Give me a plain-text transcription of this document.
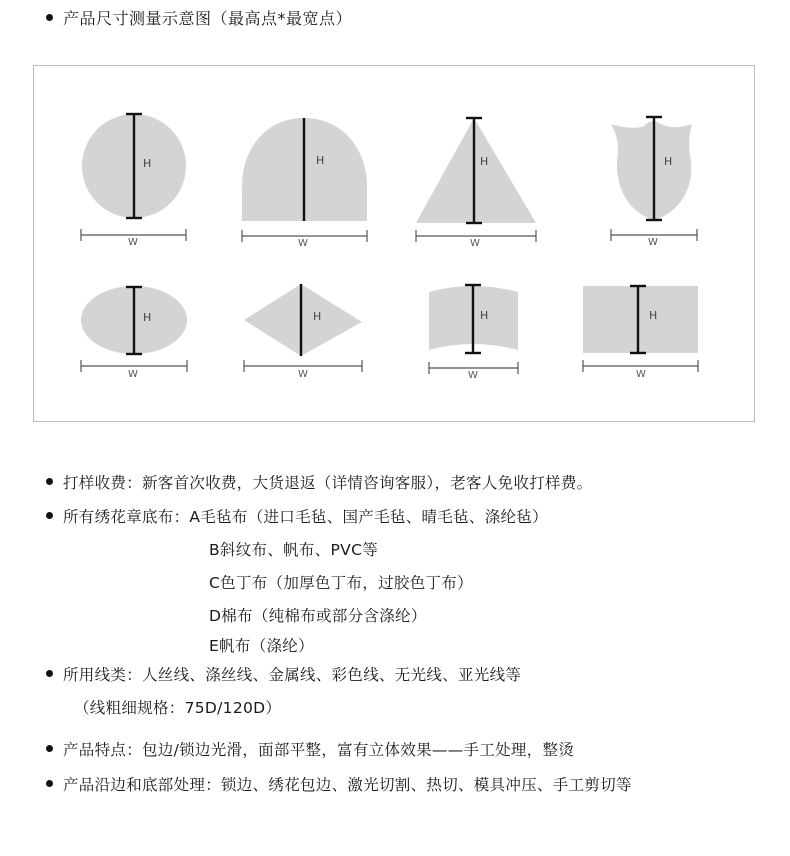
产品尺寸测量示意图（最高点*最宽点）
H
W
H
W
H
W
H
W
H
W
H
W
H
W
H
W
打样收费：新客首次收费，大货退返（详情咨询客服），老客人免收打样费。
所有绣花章底布：A毛毡布（进口毛毡、国产毛毡、晴毛毡、涤纶毡）
B斜纹布、帆布、PVC等
C色丁布（加厚色丁布，过胶色丁布）
D棉布（纯棉布或部分含涤纶）
E帆布（涤纶）
所用线类：人丝线、涤丝线、金属线、彩色线、无光线、亚光线等
（线粗细规格：75D/120D）
产品特点：包边/锁边光滑，面部平整，富有立体效果——手工处理，整烫
产品沿边和底部处理：锁边、绣花包边、激光切割、热切、模具冲压、手工剪切等
